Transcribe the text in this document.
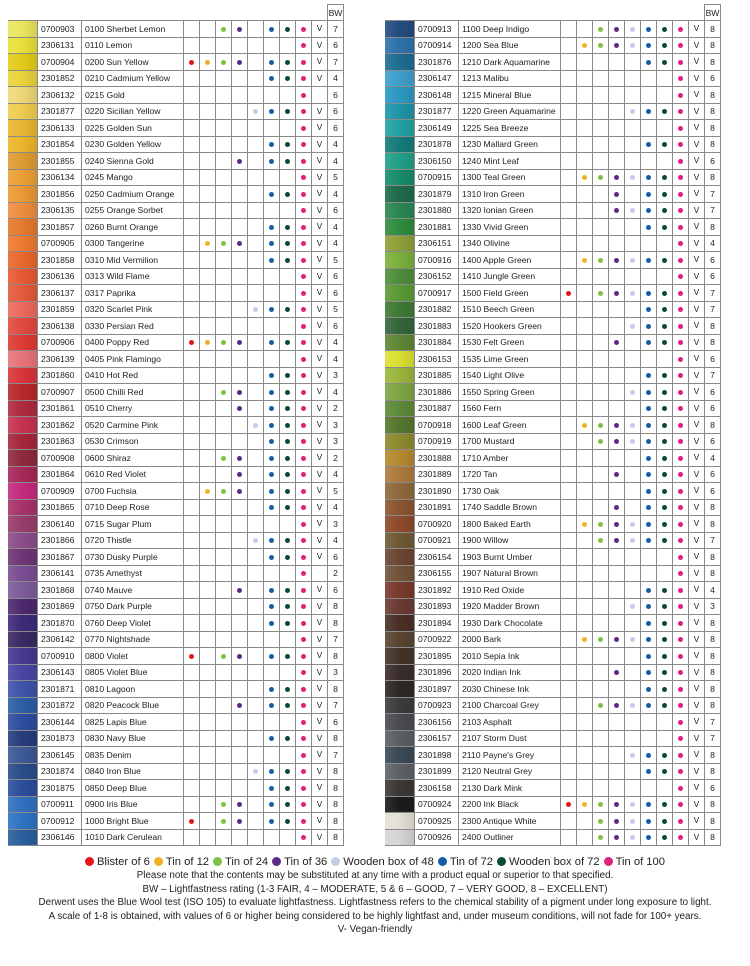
												BW
	0700903	0100 Sherbet Lemon									V	7
	2306131	0110 Lemon									V	6
	0700904	0200 Sun Yellow									V	7
	2301852	0210 Cadmium Yellow									V	4
	2306132	0215 Gold										6
	2301877	0220 Sicilian Yellow									V	6
	2306133	0225 Golden Sun									V	6
	2301854	0230 Golden Yellow									V	4
	2301855	0240 Sienna Gold									V	4
	2306134	0245 Mango									V	5
	2301856	0250 Cadmium Orange									V	4
	2306135	0255 Orange Sorbet									V	6
	2301857	0260 Burnt Orange									V	4
	0700905	0300 Tangerine									V	4
	2301858	0310 Mid Vermilion									V	5
	2306136	0313 Wild Flame									V	6
	2306137	0317 Paprika									V	6
	2301859	0320 Scarlet Pink									V	5
	2306138	0330 Persian Red									V	6
	0700906	0400 Poppy Red									V	4
	2306139	0405 Pink Flamingo									V	4
	2301860	0410 Hot Red									V	3
	0700907	0500 Chilli Red									V	4
	2301861	0510 Cherry									V	2
	2301862	0520 Carmine Pink									V	3
	2301863	0530 Crimson									V	3
	0700908	0600 Shiraz									V	2
	2301864	0610 Red Violet									V	4
	0700909	0700 Fuchsia									V	5
	2301865	0710 Deep Rose									V	4
	2306140	0715 Sugar Plum									V	3
	2301866	0720 Thistle									V	4
	2301867	0730 Dusky Purple									V	6
	2306141	0735 Amethyst										2
	2301868	0740 Mauve									V	6
	2301869	0750 Dark Purple									V	8
	2301870	0760 Deep Violet									V	8
	2306142	0770 Nightshade									V	7
	0700910	0800 Violet									V	8
	2306143	0805 Violet Blue									V	3
	2301871	0810 Lagoon									V	8
	2301872	0820 Peacock Blue									V	7
	2306144	0825 Lapis Blue									V	6
	2301873	0830 Navy Blue									V	8
	2306145	0835 Denim									V	7
	2301874	0840 Iron Blue									V	8
	2301875	0850 Deep Blue									V	8
	0700911	0900 Iris Blue									V	8
	0700912	1000 Bright Blue									V	8
	2306146	1010 Dark Cerulean									V	8
												BW
	0700913	1100 Deep Indigo									V	8
	0700914	1200 Sea Blue									V	8
	2301876	1210 Dark Aquamarine									V	8
	2306147	1213 Malibu									V	6
	2306148	1215 Mineral Blue									V	8
	2301877	1220 Green Aquamarine									V	8
	2306149	1225 Sea Breeze									V	8
	2301878	1230 Mallard Green									V	8
	2306150	1240 Mint Leaf									V	6
	0700915	1300 Teal Green									V	8
	2301879	1310 Iron Green									V	7
	2301880	1320 Ionian Green									V	7
	2301881	1330 Vivid Green									V	8
	2306151	1340 Olivine									V	4
	0700916	1400 Apple Green									V	6
	2306152	1410 Jungle Green									V	6
	0700917	1500 Field Green									V	7
	2301882	1510 Beech Green									V	7
	2301883	1520 Hookers Green									V	8
	2301884	1530 Felt Green									V	8
	2306153	1535 Lime Green									V	6
	2301885	1540 Light Olive									V	7
	2301886	1550 Spring Green									V	6
	2301887	1560 Fern									V	6
	0700918	1600 Leaf Green									V	8
	0700919	1700 Mustard									V	6
	2301888	1710 Amber									V	4
	2301889	1720 Tan									V	6
	2301890	1730 Oak									V	6
	2301891	1740 Saddle Brown									V	8
	0700920	1800 Baked Earth									V	8
	0700921	1900 Willow									V	7
	2306154	1903 Burnt Umber									V	8
	2306155	1907 Natural Brown									V	8
	2301892	1910 Red Oxide									V	4
	2301893	1920 Madder Brown									V	3
	2301894	1930 Dark Chocolate									V	8
	0700922	2000 Bark									V	8
	2301895	2010 Sepia Ink									V	8
	2301896	2020 Indian Ink									V	8
	2301897	2030 Chinese Ink									V	8
	0700923	2100 Charcoal Grey									V	8
	2306156	2103 Asphalt									V	7
	2306157	2107 Storm Dust									V	7
	2301898	2110 Payne's Grey									V	8
	2301899	2120 Neutral Grey									V	8
	2306158	2130 Dark Mink									V	6
	0700924	2200 Ink Black									V	8
	0700925	2300 Antique White									V	8
	0700926	2400 Outliner									V	8
Blister of 6 Tin of 12 Tin of 24 Tin of 36 Wooden box of 48 Tin of 72 Wooden box of 72 Tin of 100

Please note that the contents may be substituted at any time with a product equal or superior to that specified.

BW – Lightfastness rating (1-3 FAIR, 4 – MODERATE, 5 & 6 – GOOD, 7 – VERY GOOD, 8 – EXCELLENT)

Derwent uses the Blue Wool test (ISO 105) to evaluate lightfastness. Lightfastness refers to the chemical stability of a pigment under long exposure to light.

A scale of 1-8 is obtained, with values of 6 or higher being considered to be highly lightfast and, under museum conditions, will not fade for 100+ years.

V- Vegan-friendly
